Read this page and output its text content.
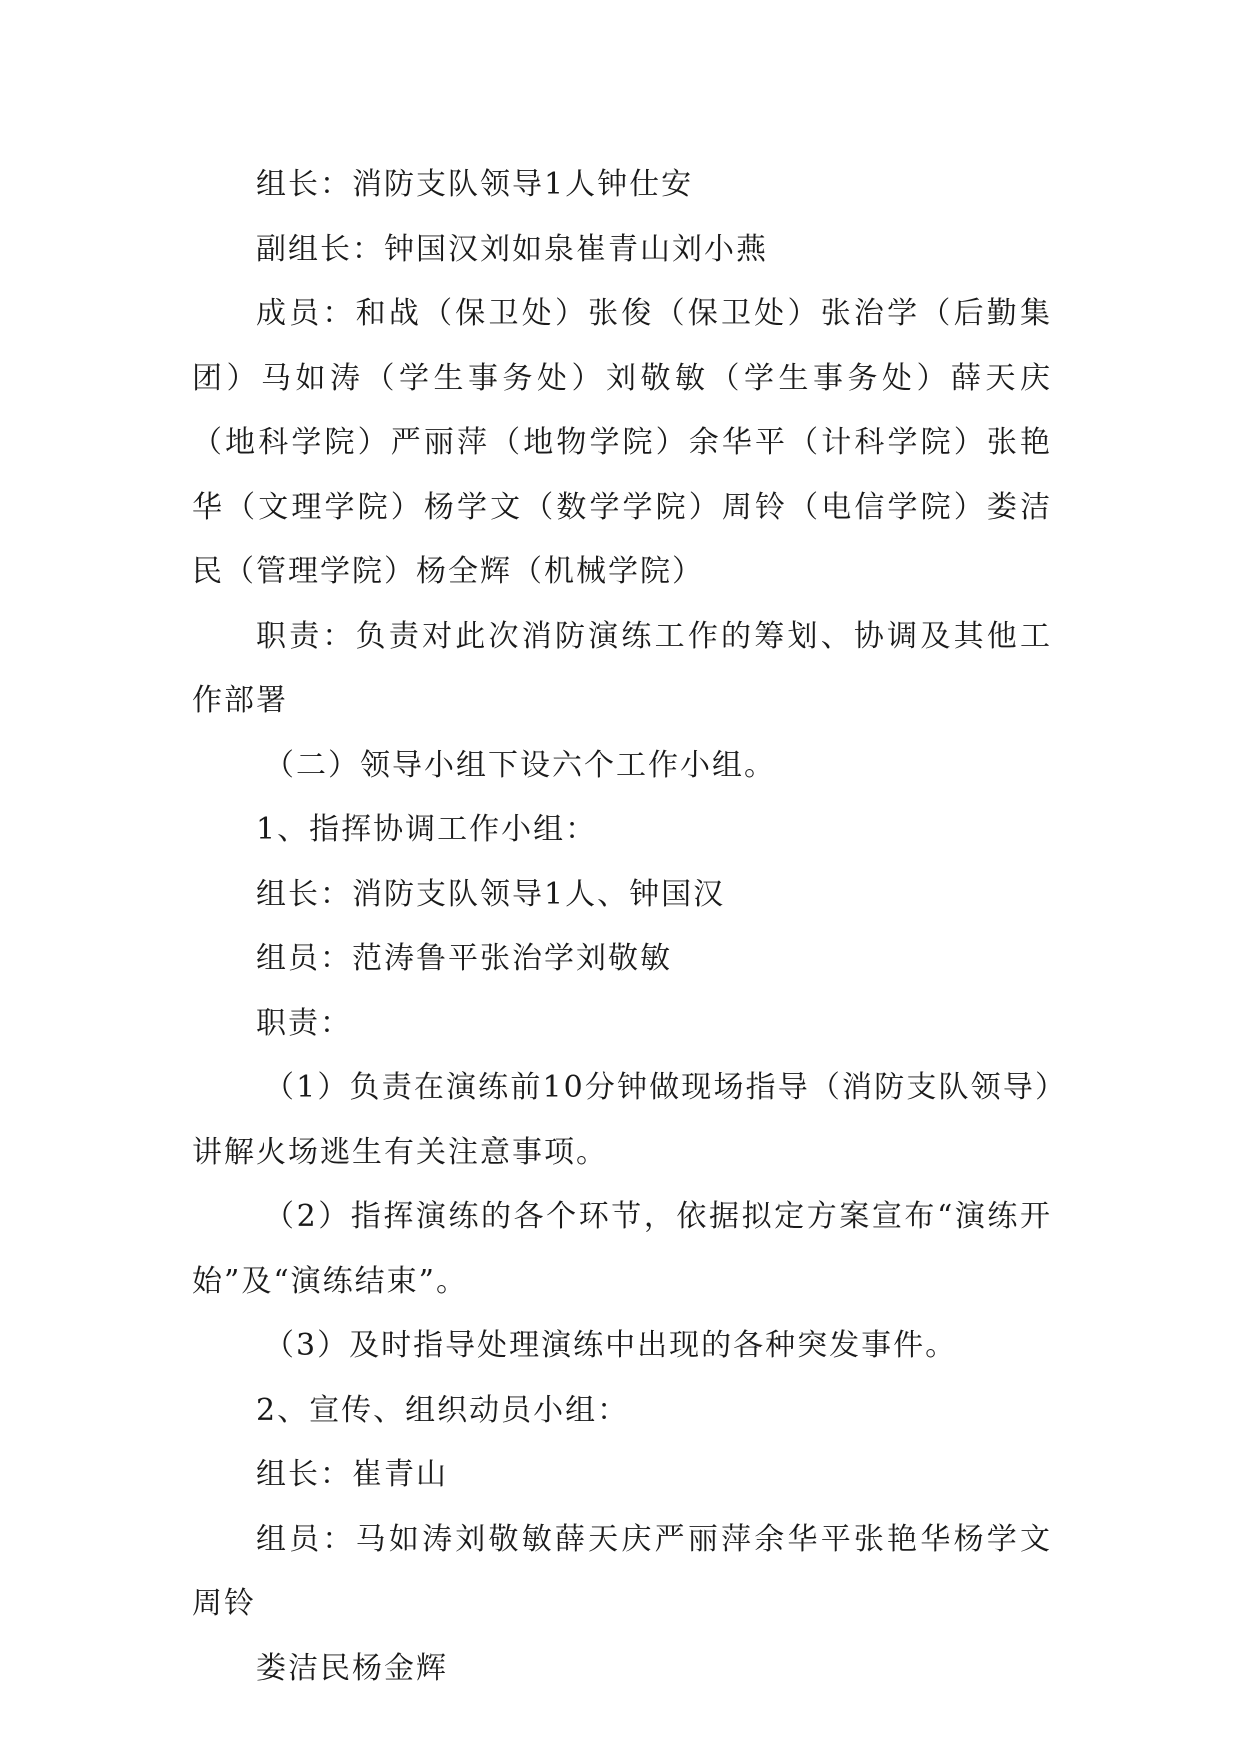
组长：消防支队领导1人钟仕安

副组长：钟国汉刘如泉崔青山刘小燕

成员：和战（保卫处）张俊（保卫处）张治学（后勤集团）马如涛（学生事务处）刘敬敏（学生事务处）薛天庆（地科学院）严丽萍（地物学院）余华平（计科学院）张艳华（文理学院）杨学文（数学学院）周铃（电信学院）娄洁民（管理学院）杨全辉（机械学院）

职责：负责对此次消防演练工作的筹划、协调及其他工作部署

（二）领导小组下设六个工作小组。

1、指挥协调工作小组：

组长：消防支队领导1人、钟国汉

组员：范涛鲁平张治学刘敬敏

职责：

（1）负责在演练前10分钟做现场指导（消防支队领导）讲解火场逃生有关注意事项。

（2）指挥演练的各个环节，依据拟定方案宣布“演练开始”及“演练结束”。

（3）及时指导处理演练中出现的各种突发事件。

2、宣传、组织动员小组：

组长：崔青山

组员：马如涛刘敬敏薛天庆严丽萍余华平张艳华杨学文周铃

娄洁民杨金辉
